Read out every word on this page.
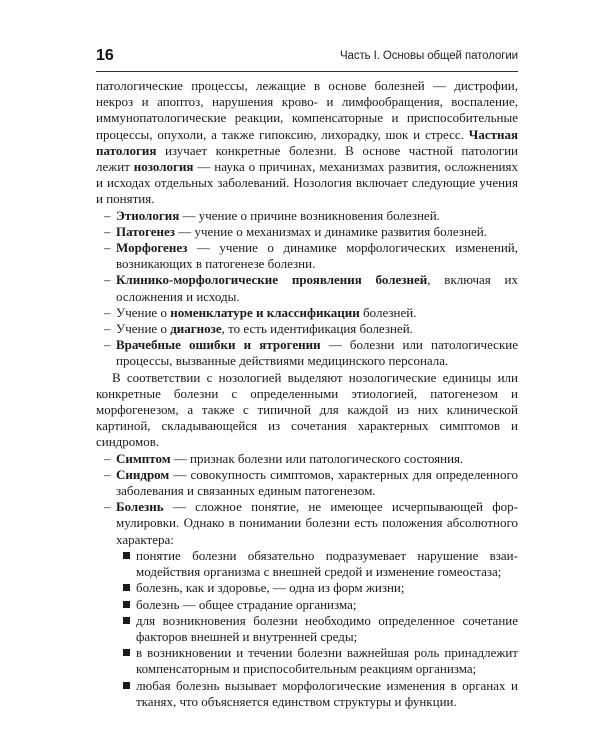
16	Часть I. Основы общей патологии

патологические процессы, лежащие в основе болезней — дистрофии, некроз и апоптоз, нарушения крово- и лимфообращения, воспаление, иммунопатологические реакции, компенсаторные и приспособительные процессы, опухоли, а также гипоксию, лихорадку, шок и стресс. Частная патология изучает конкретные болезни. В основе частной патологии лежит нозология — наука о причинах, механизмах развития, осложнениях и исходах отдельных заболеваний. Нозология включает следующие учения и понятия.

– Этиология — учение о причине возникновения болезней.

– Патогенез — учение о механизмах и динамике развития болезней.

– Морфогенез — учение о динамике морфологических изменений, возникающих в патогенезе болезни.

– Клинико-морфологические проявления болезней, включая их осложнения и исходы.

– Учение о номенклатуре и классификации болезней.

– Учение о диагнозе, то есть идентификация болезней.

– Врачебные ошибки и ятрогении — болезни или патологические процессы, вызванные действиями медицинского персонала.

В соответствии с нозологией выделяют нозологические единицы или конкретные болезни с определенными этиологией, патогенезом и морфогенезом, а также с типичной для каждой из них клинической картиной, складывающейся из сочетания характерных симптомов и синдромов.

– Симптом — признак болезни или патологического состояния.

– Синдром — совокупность симптомов, характерных для определенного заболевания и связанных единым патогенезом.

– Болезнь — сложное понятие, не имеющее исчерпывающей формулировки. Однако в понимании болезни есть положения абсолютного характера:

понятие болезни обязательно подразумевает нарушение взаимодействия организма с внешней средой и изменение гомеостаза;

болезнь, как и здоровье, — одна из форм жизни;

болезнь — общее страдание организма;

для возникновения болезни необходимо определенное сочетание факторов внешней и внутренней среды;

в возникновении и течении болезни важнейшая роль принадлежит компенсаторным и приспособительным реакциям организма;

любая болезнь вызывает морфологические изменения в органах и тканях, что объясняется единством структуры и функции.
